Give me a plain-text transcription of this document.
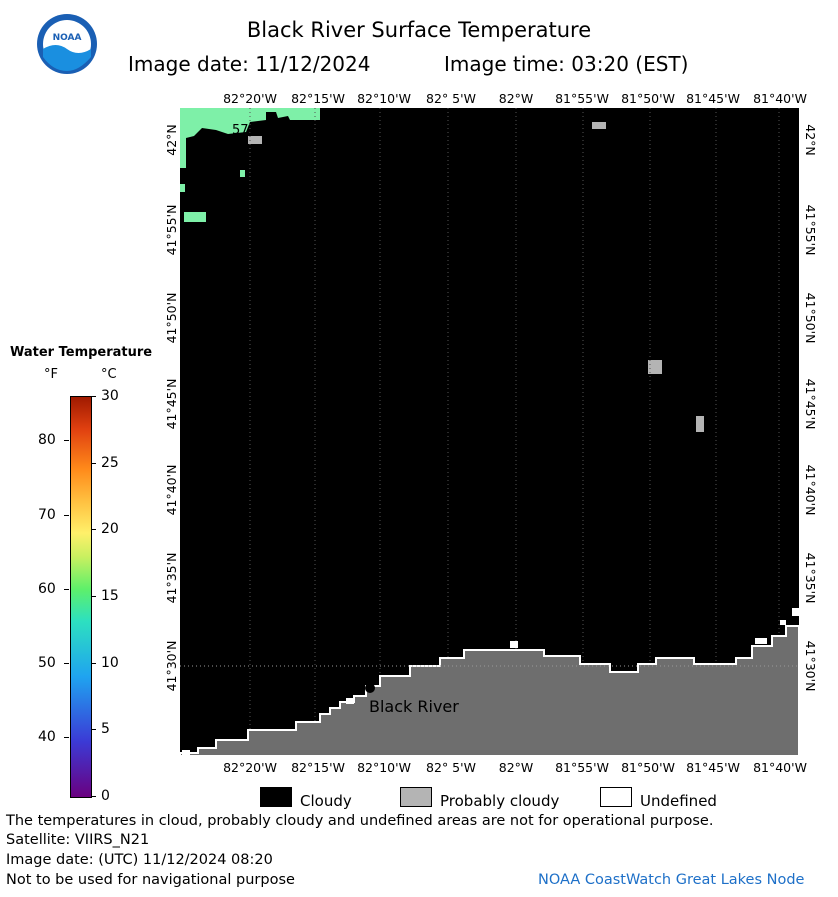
NOAA	Black River Surface Temperature
Image date: 11/12/2024	Image time: 03:20 (EST)
Water Temperature
°F	°C
30
25
20
15
10
5
0
80
70
60
50
40
57.6
Black River
82°20'W
82°20'W
82°15'W
82°15'W
82°10'W
82°10'W
82° 5'W
82° 5'W
82°W
82°W
81°55'W
81°55'W
81°50'W
81°50'W
81°45'W
81°45'W
81°40'W
81°40'W
42°N	42°N
41°55'N	41°55'N
41°50'N	41°50'N
41°45'N	41°45'N
41°40'N	41°40'N
41°35'N	41°35'N
41°30'N	41°30'N
Cloudy	Probably cloudy	Undefined
The temperatures in cloud, probably cloudy and undefined areas are not for operational purpose.
Satellite: VIIRS_N21
Image date: (UTC) 11/12/2024 08:20
Not to be used for navigational purpose	NOAA CoastWatch Great Lakes Node
